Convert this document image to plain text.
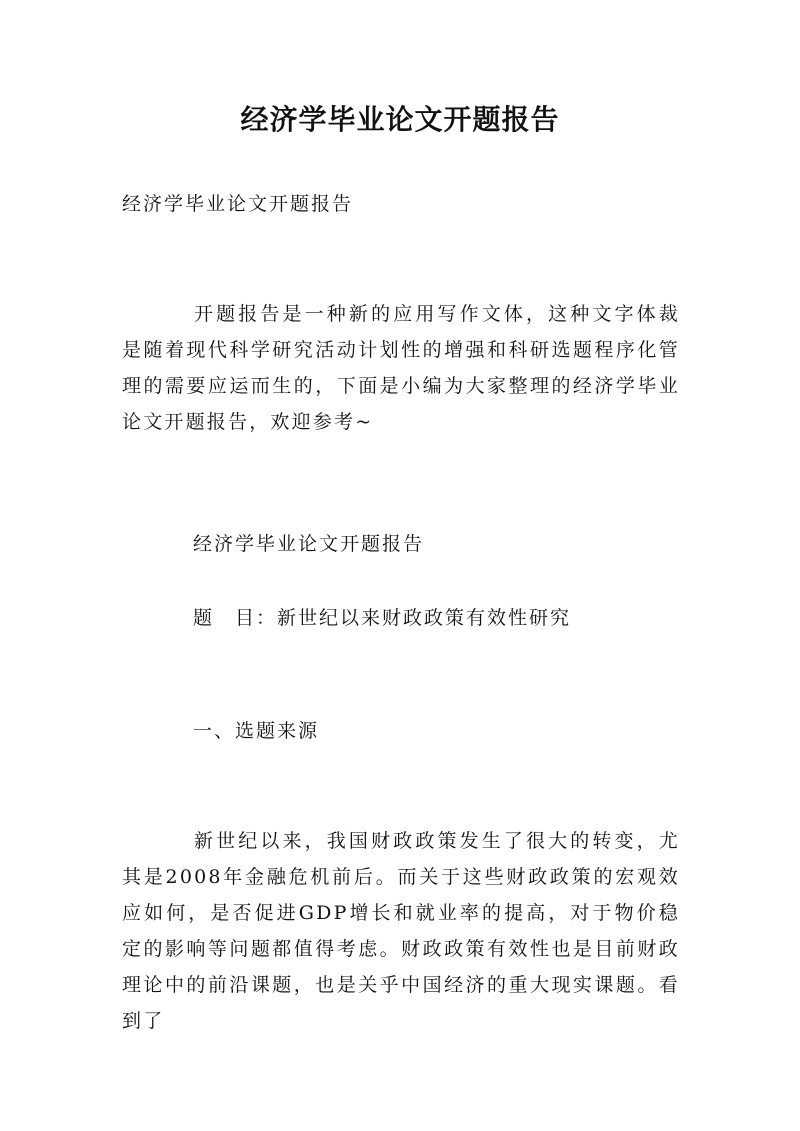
经济学毕业论文开题报告
经济学毕业论文开题报告

开题报告是一种新的应用写作文体，这种文字体裁是随着现代科学研究活动计划性的增强和科研选题程序化管理的需要应运而生的，下面是小编为大家整理的经济学毕业论文开题报告，欢迎参考~

经济学毕业论文开题报告
题　目：新世纪以来财政政策有效性研究
一、选题来源

新世纪以来，我国财政政策发生了很大的转变，尤其是2008年金融危机前后。而关于这些财政政策的宏观效应如何，是否促进GDP增长和就业率的提高，对于物价稳定的影响等问题都值得考虑。财政政策有效性也是目前财政理论中的前沿课题，也是关乎中国经济的重大现实课题。看到了
